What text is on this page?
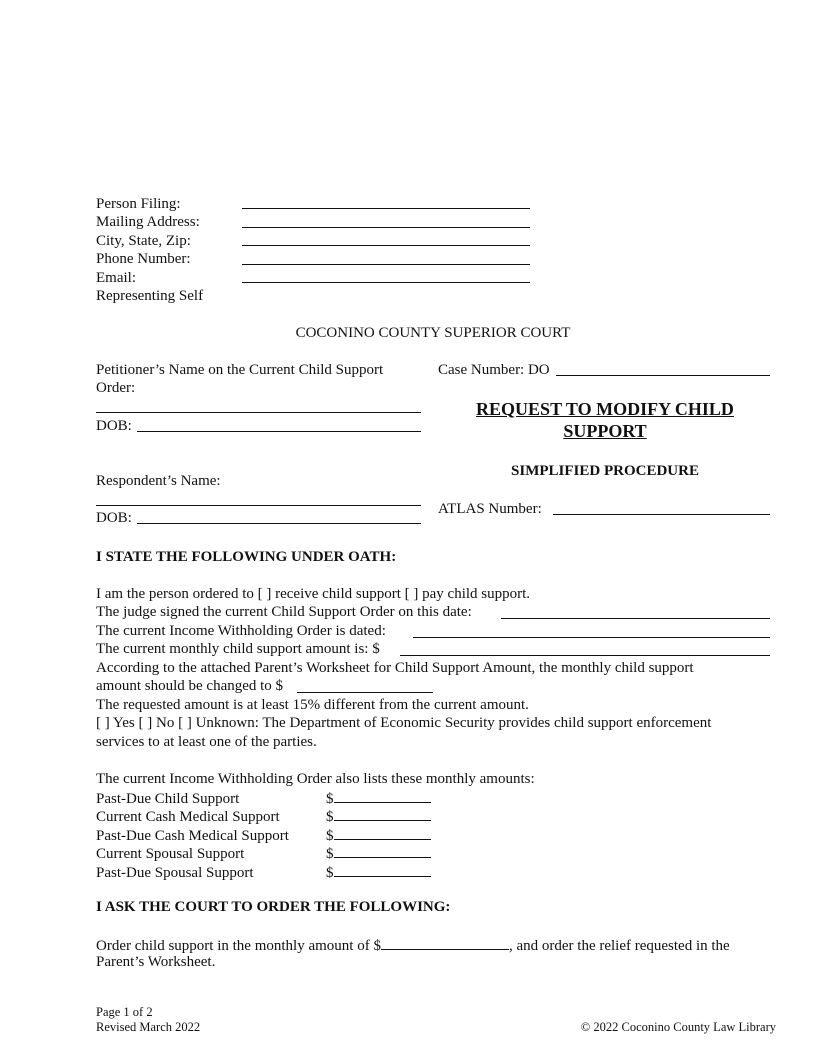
Person Filing:
Mailing Address:
City, State, Zip:
Phone Number:
Email:
Representing Self
COCONINO COUNTY SUPERIOR COURT
Petitioner’s Name on the Current Child Support
Order:
DOB:
Case Number: DO
REQUEST TO MODIFY CHILD
SUPPORT
SIMPLIFIED PROCEDURE
Respondent’s Name:
DOB:
ATLAS Number:
I STATE THE FOLLOWING UNDER OATH:
I am the person ordered to [ ] receive child support [ ] pay child support.
The judge signed the current Child Support Order on this date:
The current Income Withholding Order is dated:
The current monthly child support amount is: $
According to the attached Parent’s Worksheet for Child Support Amount, the monthly child support
amount should be changed to $
The requested amount is at least 15% different from the current amount.
[ ] Yes [ ] No [ ] Unknown: The Department of Economic Security provides child support enforcement
services to at least one of the parties.
The current Income Withholding Order also lists these monthly amounts:
Past-Due Child Support	$
Current Cash Medical Support	$
Past-Due Cash Medical Support $
Current Spousal Support	$
Past-Due Spousal Support	$
I ASK THE COURT TO ORDER THE FOLLOWING:
Order child support in the monthly amount of $	, and order the relief requested in the
Parent’s Worksheet.
Page 1 of 2
Revised March 2022	© 2022 Coconino County Law Library
